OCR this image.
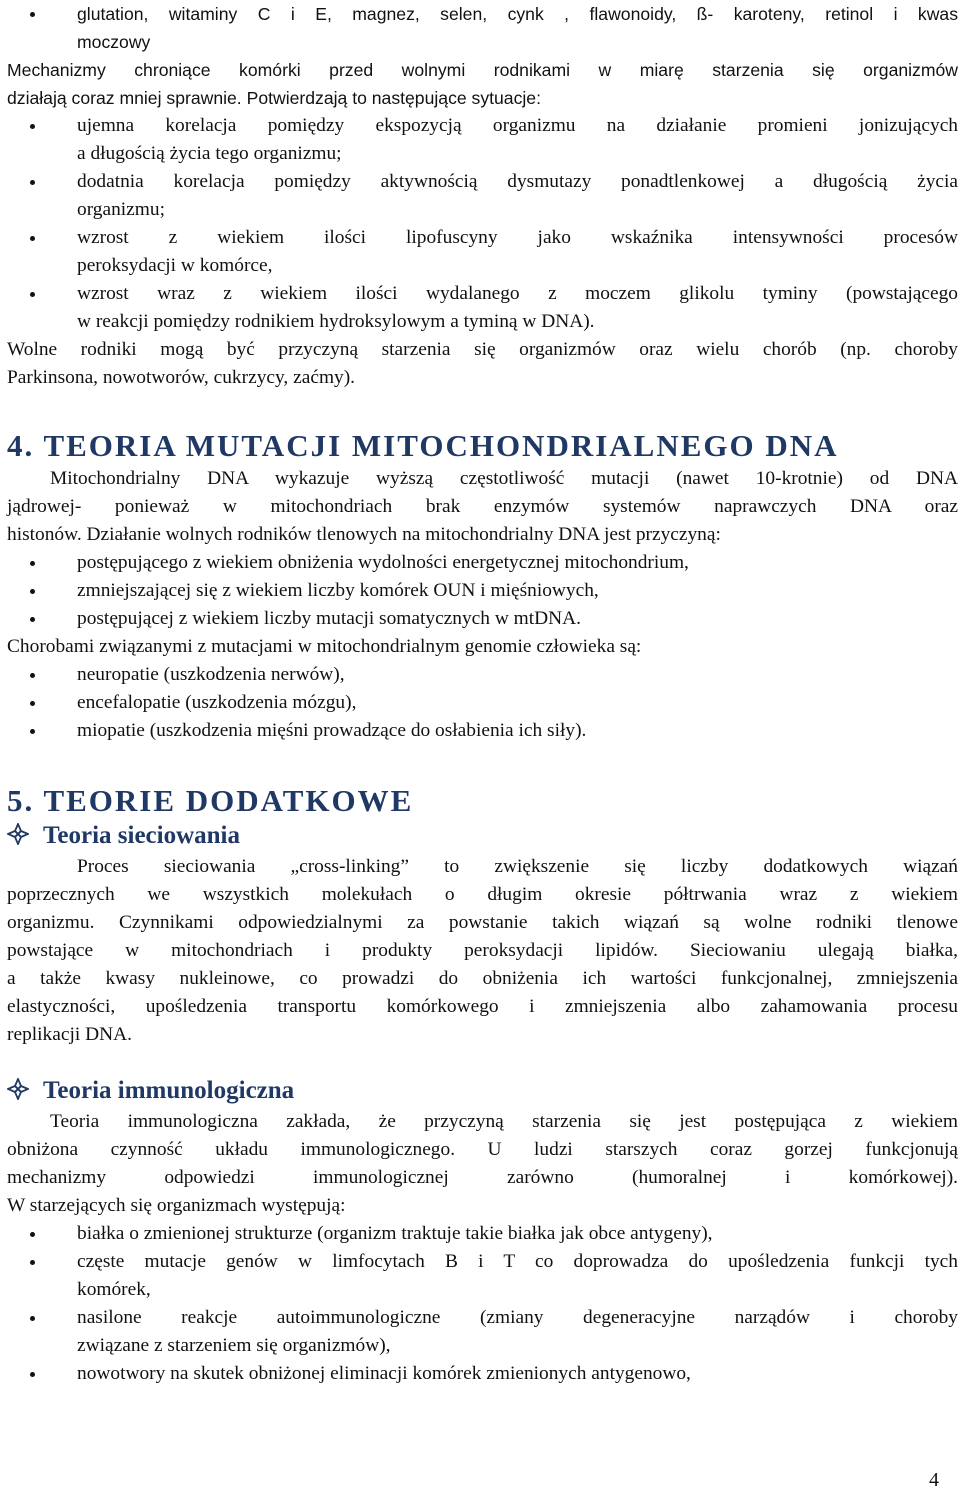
glutation, witaminy C i E, magnez, selen, cynk , flawonoidy, ß- karoteny, retinol i kwas
moczowy
Mechanizmy chroniące komórki przed wolnymi rodnikami w miarę starzenia się organizmów
działają coraz mniej sprawnie. Potwierdzają to następujące sytuacje:
ujemna korelacja pomiędzy ekspozycją organizmu na działanie promieni jonizujących
a długością życia tego organizmu;
dodatnia korelacja pomiędzy aktywnością dysmutazy ponadtlenkowej a długością życia
organizmu;
wzrost z wiekiem ilości lipofuscyny jako wskaźnika intensywności procesów
peroksydacji w komórce,
wzrost wraz z wiekiem ilości wydalanego z moczem glikolu tyminy (powstającego
w reakcji pomiędzy rodnikiem hydroksylowym a tyminą w DNA).
Wolne rodniki mogą być przyczyną starzenia się organizmów oraz wielu chorób (np. choroby
Parkinsona, nowotworów, cukrzycy, zaćmy).
4. TEORIA MUTACJI MITOCHONDRIALNEGO DNA
Mitochondrialny DNA wykazuje wyższą częstotliwość mutacji (nawet 10-krotnie) od DNA
jądrowej- ponieważ w mitochondriach brak enzymów systemów naprawczych DNA oraz
histonów. Działanie wolnych rodników tlenowych na mitochondrialny DNA jest przyczyną:
postępującego z wiekiem obniżenia wydolności energetycznej mitochondrium,
zmniejszającej się z wiekiem liczby komórek OUN i mięśniowych,
postępującej z wiekiem liczby mutacji somatycznych w mtDNA.
Chorobami związanymi z mutacjami w mitochondrialnym genomie człowieka są:
neuropatie (uszkodzenia nerwów),
encefalopatie (uszkodzenia mózgu),
miopatie (uszkodzenia mięśni prowadzące do osłabienia ich siły).
5. TEORIE DODATKOWE
Teoria sieciowania
Proces sieciowania „cross-linking” to zwiększenie się liczby dodatkowych wiązań
poprzecznych we wszystkich molekułach o długim okresie półtrwania wraz z wiekiem
organizmu. Czynnikami odpowiedzialnymi za powstanie takich wiązań są wolne rodniki tlenowe
powstające w mitochondriach i produkty peroksydacji lipidów. Sieciowaniu ulegają białka,
a także kwasy nukleinowe, co prowadzi do obniżenia ich wartości funkcjonalnej, zmniejszenia
elastyczności, upośledzenia transportu komórkowego i zmniejszenia albo zahamowania procesu
replikacji DNA.
Teoria immunologiczna
Teoria immunologiczna zakłada, że przyczyną starzenia się jest postępująca z wiekiem
obniżona czynność układu immunologicznego. U ludzi starszych coraz gorzej funkcjonują
mechanizmy odpowiedzi immunologicznej zarówno (humoralnej i komórkowej).
W starzejących się organizmach występują:
białka o zmienionej strukturze (organizm traktuje takie białka jak obce antygeny),
częste mutacje genów w limfocytach B i T co doprowadza do upośledzenia funkcji tych
komórek,
nasilone reakcje autoimmunologiczne (zmiany degeneracyjne narządów i choroby
związane z starzeniem się organizmów),
nowotwory na skutek obniżonej eliminacji komórek zmienionych antygenowo,
4
